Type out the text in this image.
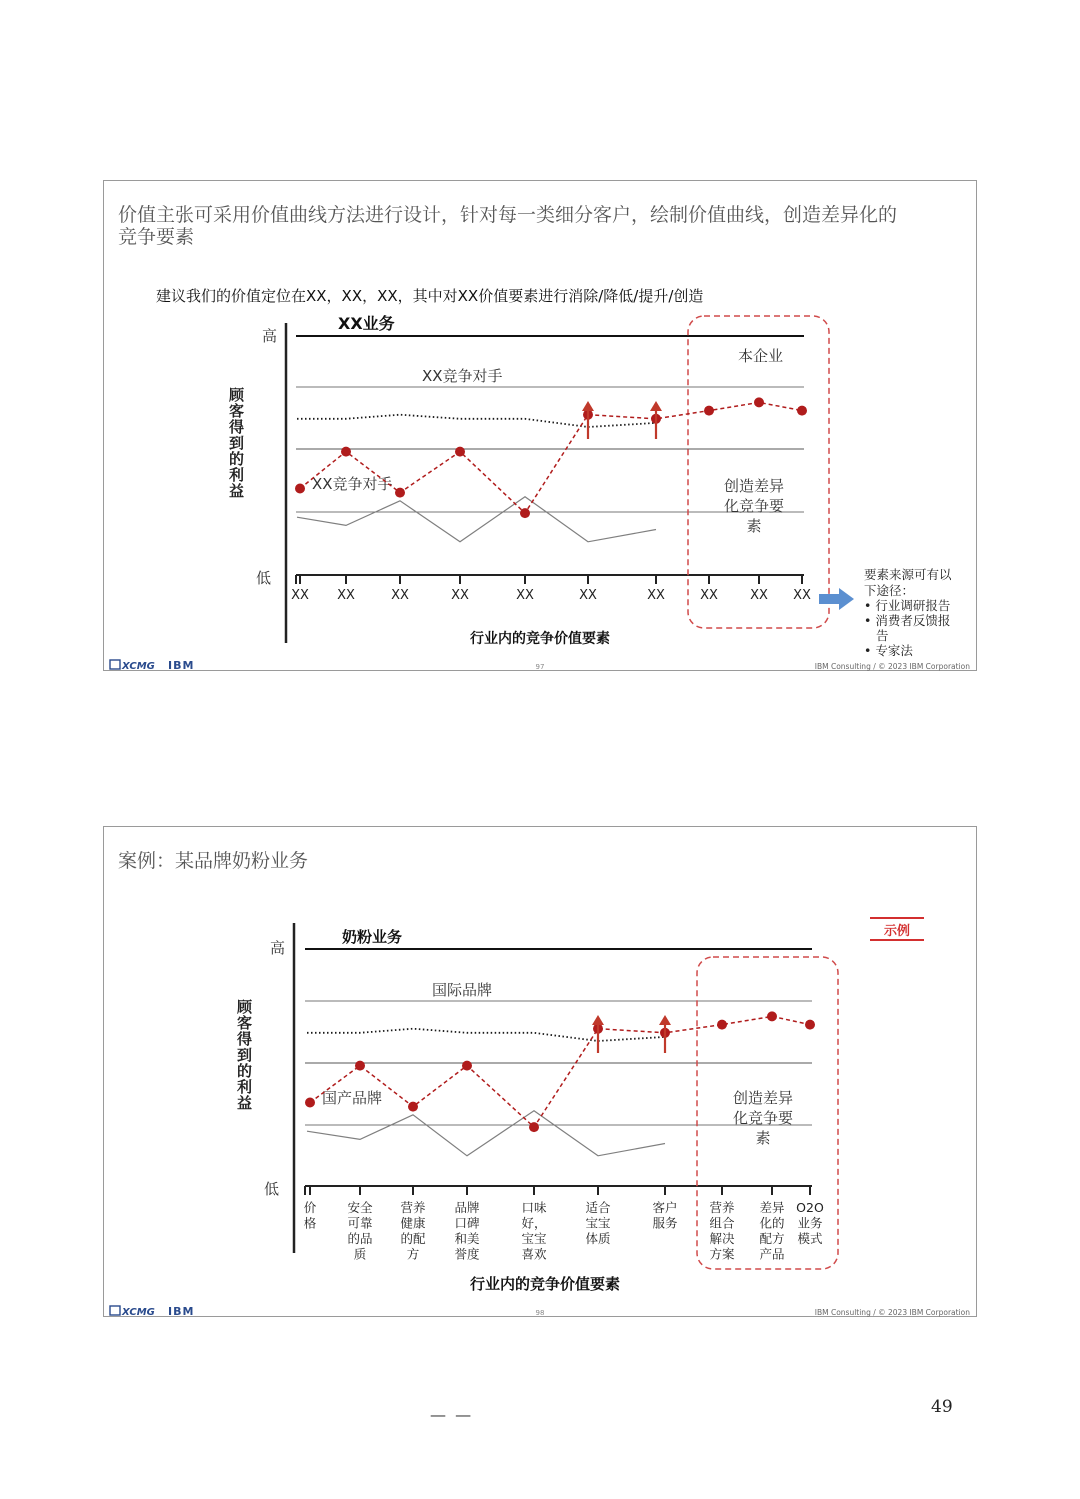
价值主张可采用价值曲线方法进行设计，针对每一类细分客户，绘制价值曲线，创造差异化的
竞争要素
建议我们的价值定位在XX，XX，XX，其中对XX价值要素进行消除/降低/提升/创造
高
低
顾客得到的利益
XX业务
XX竞争对手
XX竞争对手
本企业
创造差异
化竞争要
素
XX XX	XX	XX	XX	XX	XX	XX XX XX
要素来源可有以
下途径：
• 行业调研报告
• 消费者反馈报
告
• 专家法
行业内的竞争价值要素
XCMG IBM	97	IBM Consulting / © 2023 IBM Corporation
案例：某品牌奶粉业务
示例
高
低
顾客得到的利益
奶粉业务
国际品牌
国产品牌	创造差异
化竞争要
素
价
格
安全
可靠
的品
质
营养
健康
的配
方
品牌
口碑
和美
誉度
口味
好，
宝宝
喜欢
适合
宝宝
体质
客户
服务
营养
组合
解决
方案
差异
化的
配方
产品
O2O
业务
模式
行业内的竞争价值要素
XCMG IBM	98	IBM Consulting / © 2023 IBM Corporation
— —	49
